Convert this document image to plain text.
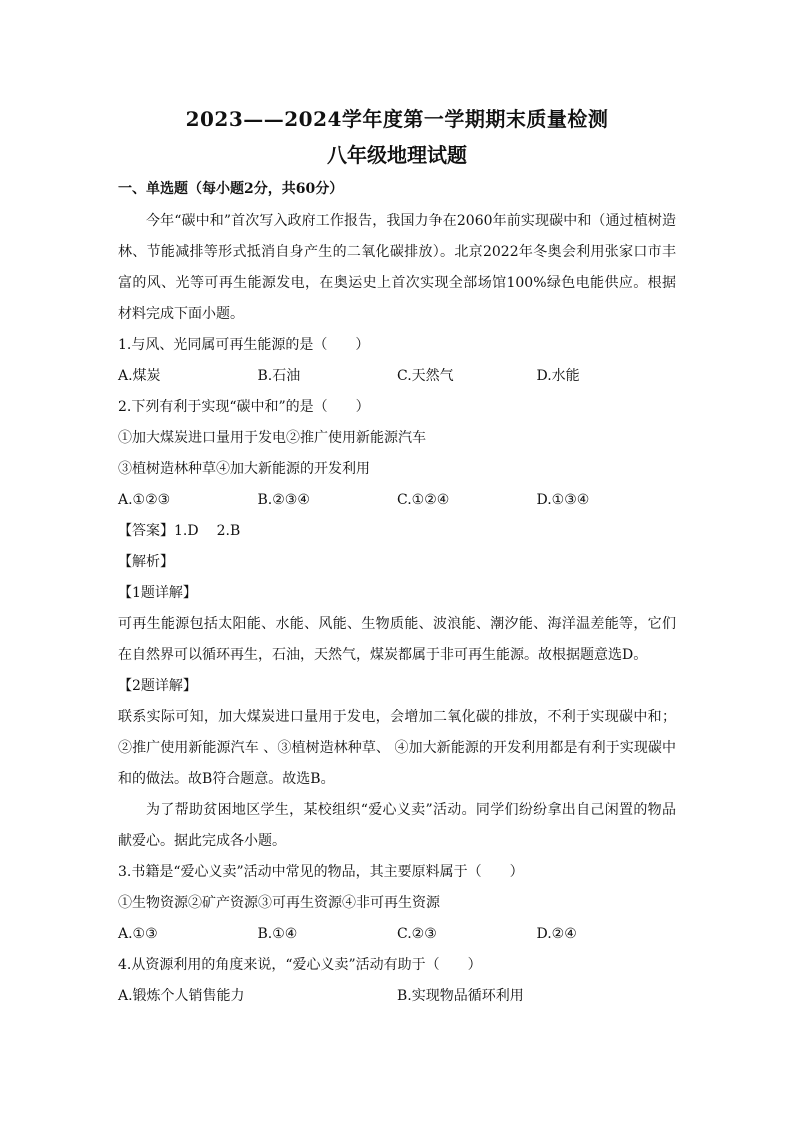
2023——2024学年度第一学期期末质量检测
八年级地理试题
一、单选题（每小题2分，共60分）

今年“碳中和”首次写入政府工作报告，我国力争在2060年前实现碳中和（通过植树造林、节能减排等形式抵消自身产生的二氧化碳排放）。北京2022年冬奥会利用张家口市丰富的风、光等可再生能源发电，在奥运史上首次实现全部场馆100%绿色电能供应。根据材料完成下面小题。

1.与风、光同属可再生能源的是（　　）

A.煤炭	B.石油	C.天然气	D.水能

2.下列有利于实现“碳中和”的是（　　）

①加大煤炭进口量用于发电②推广使用新能源汽车

③植树造林种草④加大新能源的开发利用

A.①②③	B.②③④	C.①②④	D.①③④

【答案】1.D 2.B

【解析】

【1题详解】

可再生能源包括太阳能、水能、风能、生物质能、波浪能、潮汐能、海洋温差能等，它们在自然界可以循环再生，石油，天然气，煤炭都属于非可再生能源。故根据题意选D。

【2题详解】

联系实际可知，加大煤炭进口量用于发电，会增加二氧化碳的排放，不利于实现碳中和；②推广使用新能源汽车 、③植树造林种草、 ④加大新能源的开发利用都是有利于实现碳中和的做法。故B符合题意。故选B。

为了帮助贫困地区学生，某校组织“爱心义卖”活动。同学们纷纷拿出自己闲置的物品献爱心。据此完成各小题。

3.书籍是“爱心义卖”活动中常见的物品，其主要原料属于（　　）

①生物资源②矿产资源③可再生资源④非可再生资源

A.①③	B.①④	C.②③	D.②④

4.从资源利用的角度来说，“爱心义卖”活动有助于（　　）

A.锻炼个人销售能力	B.实现物品循环利用
